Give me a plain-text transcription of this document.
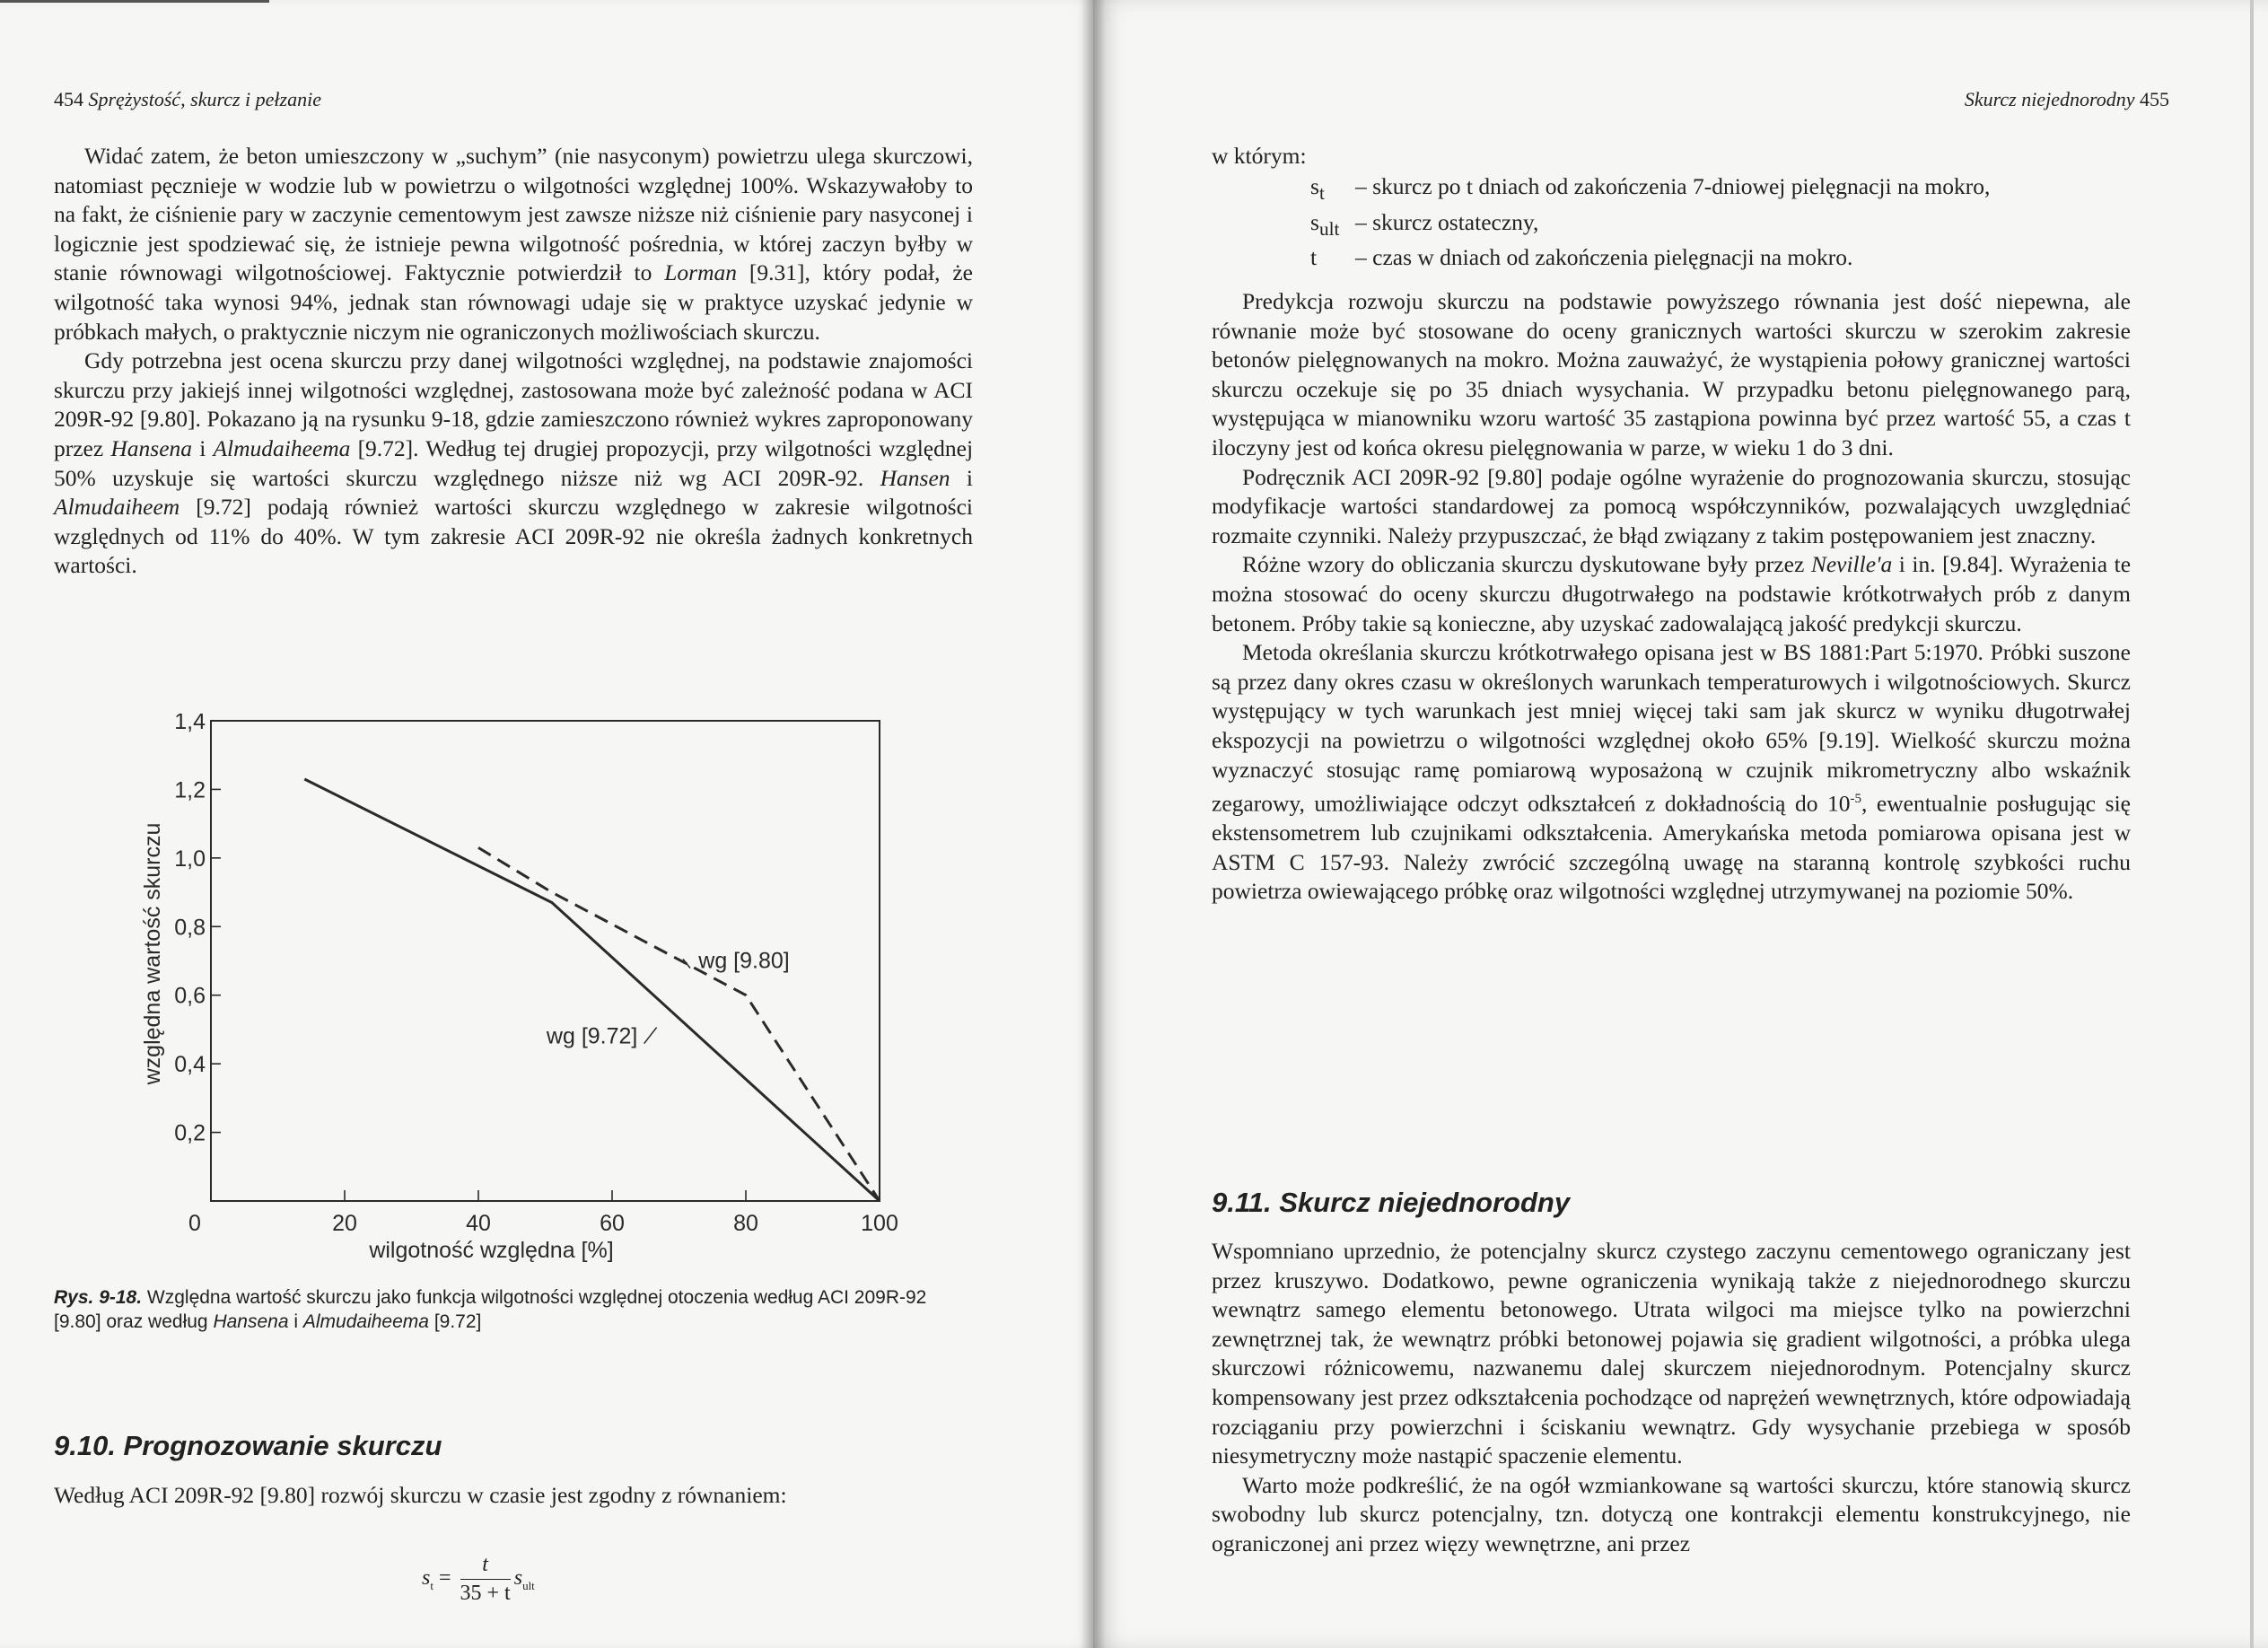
454 Sprężystość, skurcz i pełzanie

Widać zatem, że beton umieszczony w „suchym” (nie nasyconym) powietrzu ulega skurczowi, natomiast pęcznieje w wodzie lub w powietrzu o wilgotności względnej 100%. Wskazywałoby to na fakt, że ciśnienie pary w zaczynie cementowym jest zawsze niższe niż ciśnienie pary nasyconej i logicznie jest spodziewać się, że istnieje pewna wilgotność pośrednia, w której zaczyn byłby w stanie równowagi wilgotnościowej. Faktycznie potwierdził to Lorman [9.31], który podał, że wilgotność taka wynosi 94%, jednak stan równowagi udaje się w praktyce uzyskać jedynie w próbkach małych, o praktycznie niczym nie ograniczonych możliwościach skurczu.

Gdy potrzebna jest ocena skurczu przy danej wilgotności względnej, na podstawie znajomości skurczu przy jakiejś innej wilgotności względnej, zastosowana może być zależność podana w ACI 209R-92 [9.80]. Pokazano ją na rysunku 9-18, gdzie zamieszczono również wykres zaproponowany przez Hansena i Almudaiheema [9.72]. Według tej drugiej propozycji, przy wilgotności względnej 50% uzyskuje się wartości skurczu względnego niższe niż wg ACI 209R-92. Hansen i Almudaiheem [9.72] podają również wartości skurczu względnego w zakresie wilgotności względnych od 11% do 40%. W tym zakresie ACI 209R-92 nie określa żadnych konkretnych wartości.

0,2
0,4
0,6
0,8
1,0
1,2
1,4
0	20	40	60	80	100
wilgotność względna [%]
względna wartość skurczu	wg [9.80]
wg [9.72]
Rys. 9-18. Względna wartość skurczu jako funkcja wilgotności względnej otoczenia według ACI 209R-92 [9.80] oraz według Hansena i Almudaiheema [9.72]
9.10. Prognozowanie skurczu

Według ACI 209R-92 [9.80] rozwój skurczu w czasie jest zgodny z równaniem:

$s_t = \frac{t}{35 + t} s_{ult}$
Skurcz niejednorodny 455

w którym:

$s_t$	– skurcz po t dniach od zakończenia 7-dniowej pielęgnacji na mokro,
$s_{ult}$ – skurcz ostateczny,
t	– czas w dniach od zakończenia pielęgnacji na mokro.

Predykcja rozwoju skurczu na podstawie powyższego równania jest dość niepewna, ale równanie może być stosowane do oceny granicznych wartości skurczu w szerokim zakresie betonów pielęgnowanych na mokro. Można zauważyć, że wystąpienia połowy granicznej wartości skurczu oczekuje się po 35 dniach wysychania. W przypadku betonu pielęgnowanego parą, występująca w mianowniku wzoru wartość 35 zastąpiona powinna być przez wartość 55, a czas t iloczyny jest od końca okresu pielęgnowania w parze, w wieku 1 do 3 dni.

Podręcznik ACI 209R-92 [9.80] podaje ogólne wyrażenie do prognozowania skurczu, stosując modyfikacje wartości standardowej za pomocą współczynników, pozwalających uwzględniać rozmaite czynniki. Należy przypuszczać, że błąd związany z takim postępowaniem jest znaczny.

Różne wzory do obliczania skurczu dyskutowane były przez Neville'a i in. [9.84]. Wyrażenia te można stosować do oceny skurczu długotrwałego na podstawie krótkotrwałych prób z danym betonem. Próby takie są konieczne, aby uzyskać zadowalającą jakość predykcji skurczu.

Metoda określania skurczu krótkotrwałego opisana jest w BS 1881:Part 5:1970. Próbki suszone są przez dany okres czasu w określonych warunkach temperaturowych i wilgotnościowych. Skurcz występujący w tych warunkach jest mniej więcej taki sam jak skurcz w wyniku długotrwałej ekspozycji na powietrzu o wilgotności względnej około 65% [9.19]. Wielkość skurczu można wyznaczyć stosując ramę pomiarową wyposażoną w czujnik mikrometryczny albo wskaźnik zegarowy, umożliwiające odczyt odkształceń z dokładnością do $10^{-5}$, ewentualnie posługując się ekstensometrem lub czujnikami odkształcenia. Amerykańska metoda pomiarowa opisana jest w ASTM C 157-93. Należy zwrócić szczególną uwagę na staranną kontrolę szybkości ruchu powietrza owiewającego próbkę oraz wilgotności względnej utrzymywanej na poziomie 50%.

9.11. Skurcz niejednorodny

Wspomniano uprzednio, że potencjalny skurcz czystego zaczynu cementowego ograniczany jest przez kruszywo. Dodatkowo, pewne ograniczenia wynikają także z niejednorodnego skurczu wewnątrz samego elementu betonowego. Utrata wilgoci ma miejsce tylko na powierzchni zewnętrznej tak, że wewnątrz próbki betonowej pojawia się gradient wilgotności, a próbka ulega skurczowi różnicowemu, nazwanemu dalej skurczem niejednorodnym. Potencjalny skurcz kompensowany jest przez odkształcenia pochodzące od naprężeń wewnętrznych, które odpowiadają rozciąganiu przy powierzchni i ściskaniu wewnątrz. Gdy wysychanie przebiega w sposób niesymetryczny może nastąpić spaczenie elementu.

Warto może podkreślić, że na ogół wzmiankowane są wartości skurczu, które stanowią skurcz swobodny lub skurcz potencjalny, tzn. dotyczą one kontrakcji elementu konstrukcyjnego, nie ograniczonej ani przez więzy wewnętrzne, ani przez
